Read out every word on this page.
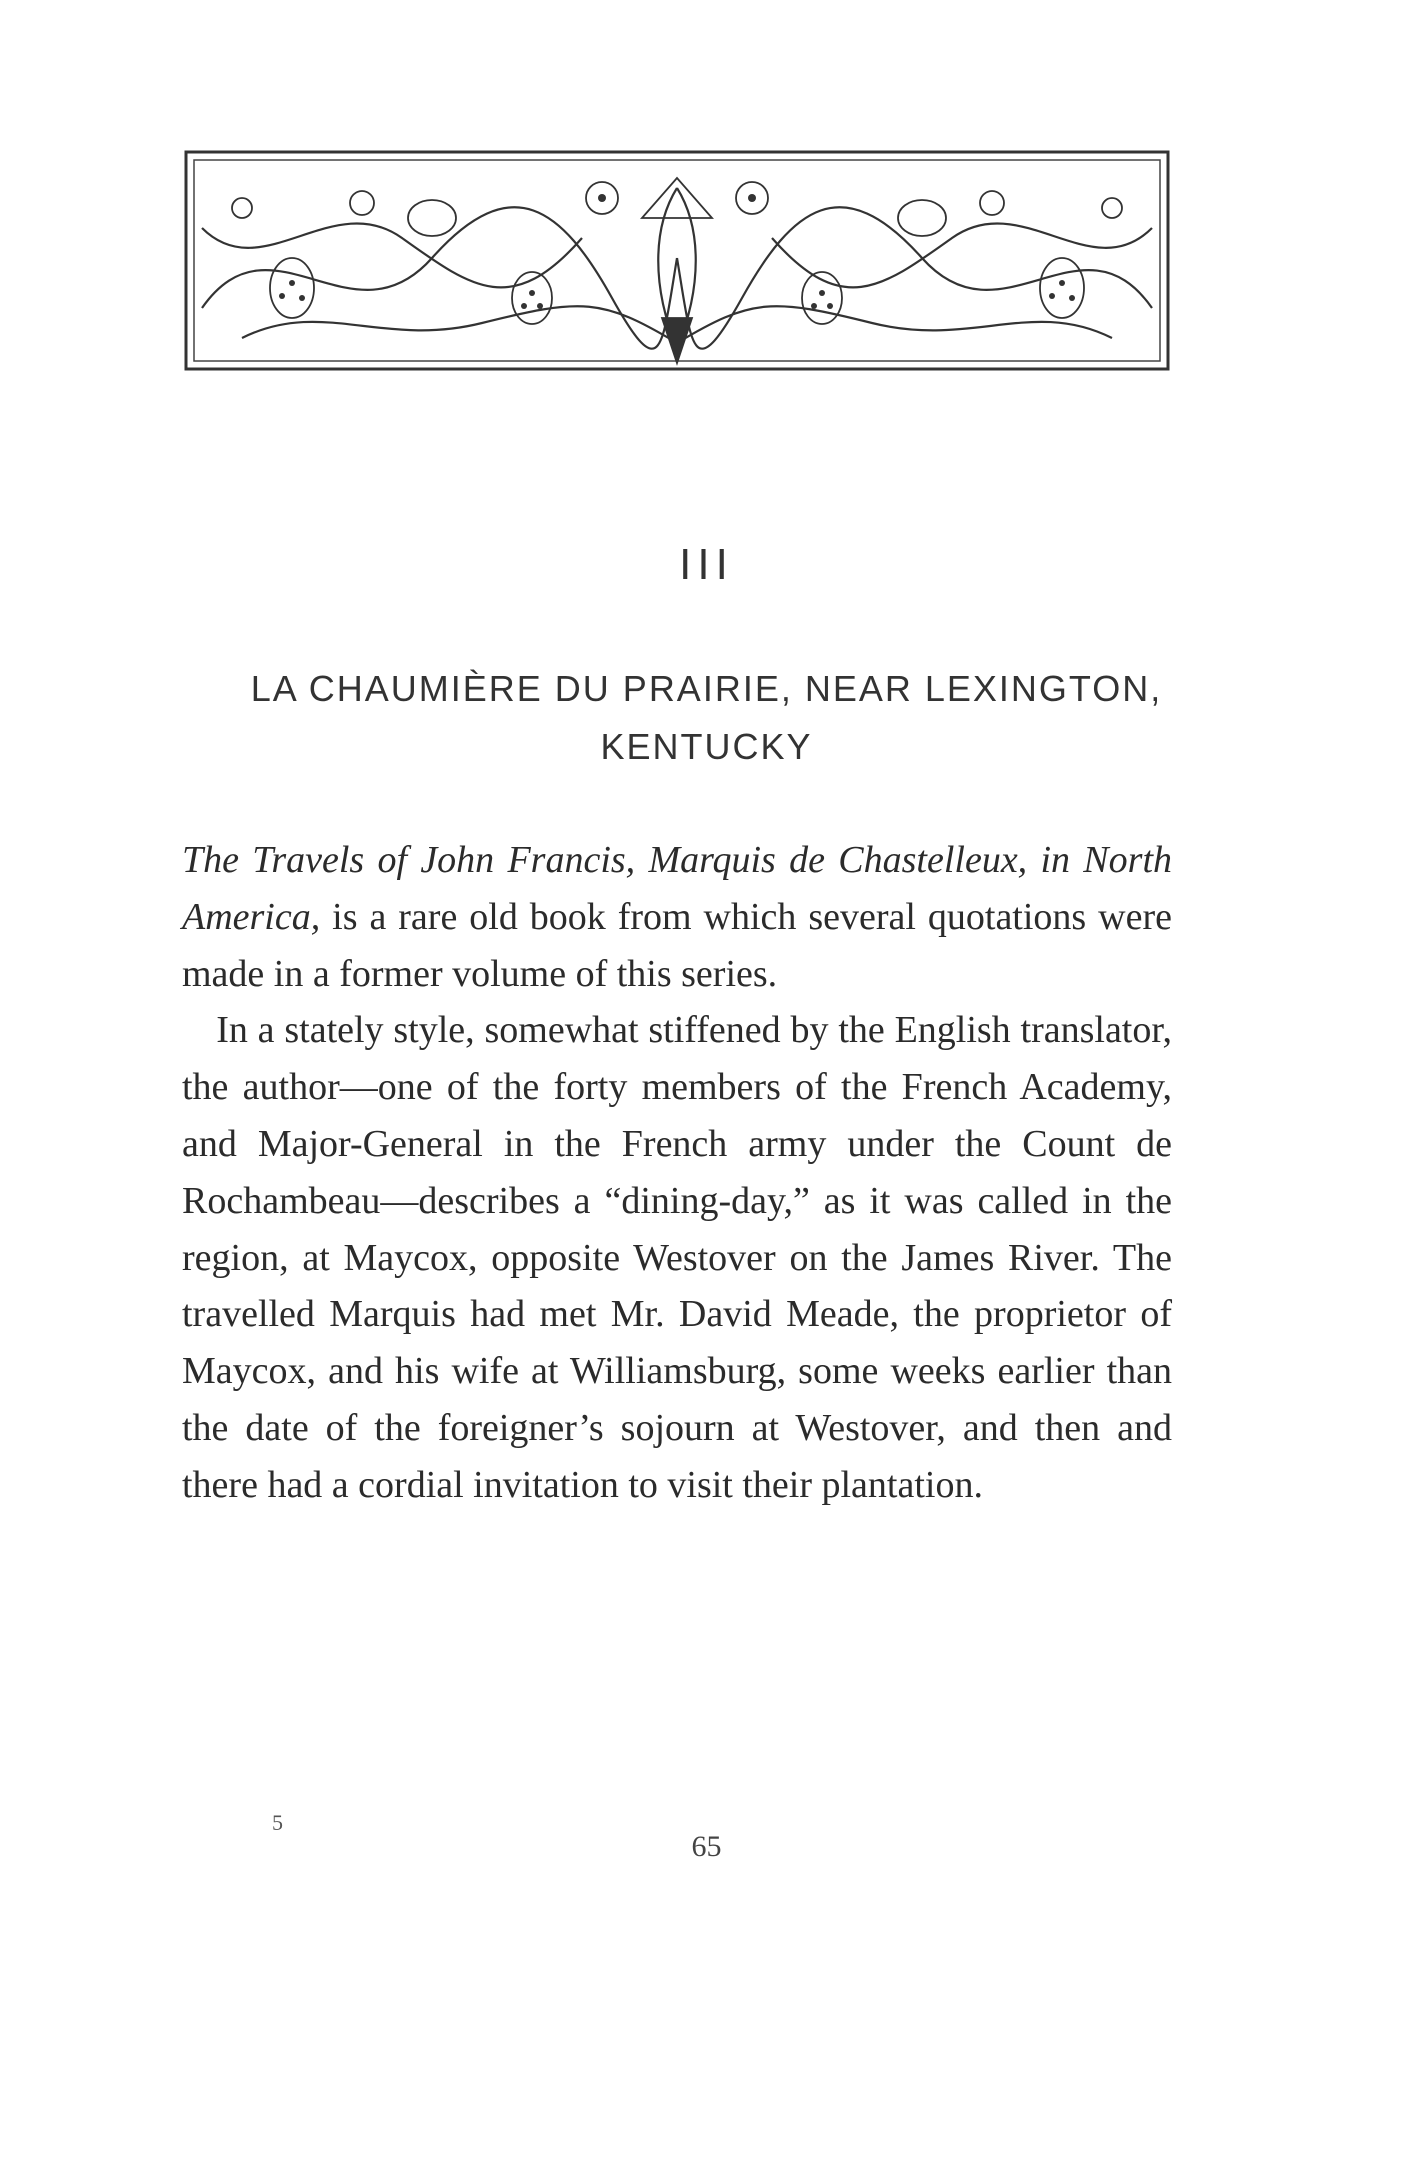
III
LA CHAUMIÈRE DU PRAIRIE, NEAR LEXINGTON,
KENTUCKY

The Travels of John Francis, Marquis de Chastelleux, in North America, is a rare old book from which several quotations were made in a former volume of this series.

In a stately style, somewhat stiffened by the English translator, the author—one of the forty members of the French Academy, and Major-General in the French army under the Count de Rochambeau—describes a “dining-day,” as it was called in the region, at Maycox, opposite Westover on the James River. The travelled Marquis had met Mr. David Meade, the proprietor of Maycox, and his wife at Williamsburg, some weeks earlier than the date of the foreigner’s sojourn at Westover, and then and there had a cordial invitation to visit their plantation.

5
65
